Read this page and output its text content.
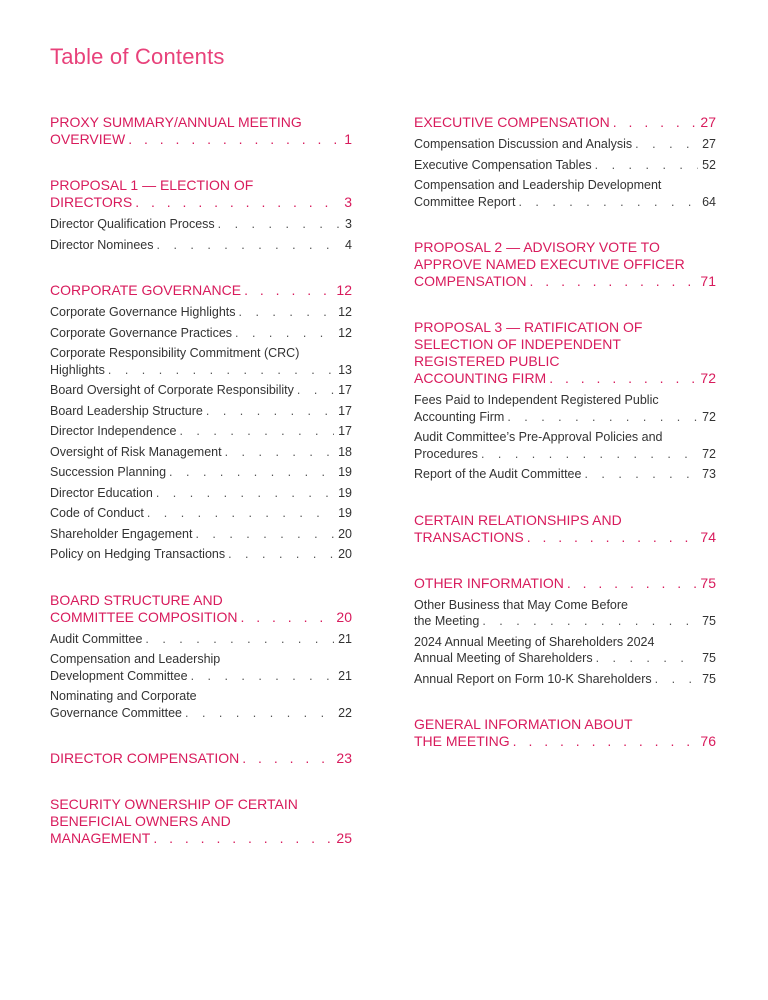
Table of Contents
PROXY SUMMARY/ANNUAL MEETING
OVERVIEW . . .	1
PROPOSAL 1 — ELECTION OF
DIRECTORS . . .	3
Director Qualification Process . . .	3
Director Nominees . . .	4
CORPORATE GOVERNANCE . . .	12
Corporate Governance Highlights . . .	12
Corporate Governance Practices . . .	12
Corporate Responsibility Commitment (CRC)
Highlights . . .	13
Board Oversight of Corporate Responsibility . . .	17
Board Leadership Structure . . .	17
Director Independence . . .	17
Oversight of Risk Management . . .	18
Succession Planning . . .	19
Director Education . . .	19
Code of Conduct . . .	19
Shareholder Engagement . . .	20
Policy on Hedging Transactions . . .	20
BOARD STRUCTURE AND
COMMITTEE COMPOSITION . . .	20
Audit Committee . . .	21
Compensation and Leadership
Development Committee . . .	21
Nominating and Corporate
Governance Committee . . .	22
DIRECTOR COMPENSATION . . .	23
SECURITY OWNERSHIP OF CERTAIN
BENEFICIAL OWNERS AND
MANAGEMENT . . .	25
EXECUTIVE COMPENSATION . . .	27
Compensation Discussion and Analysis . . .	27
Executive Compensation Tables . . .	52
Compensation and Leadership Development
Committee Report . . .	64
PROPOSAL 2 — ADVISORY VOTE TO
APPROVE NAMED EXECUTIVE OFFICER
COMPENSATION . . .	71
PROPOSAL 3 — RATIFICATION OF
SELECTION OF INDEPENDENT
REGISTERED PUBLIC
ACCOUNTING FIRM . . .	72
Fees Paid to Independent Registered Public
Accounting Firm . . .	72
Audit Committee’s Pre-Approval Policies and
Procedures . . .	72
Report of the Audit Committee . . .	73
CERTAIN RELATIONSHIPS AND
TRANSACTIONS . . .	74
OTHER INFORMATION . . .	75
Other Business that May Come Before
the Meeting . . .	75
2024 Annual Meeting of Shareholders 2024
Annual Meeting of Shareholders . . .	75
Annual Report on Form 10-K Shareholders . . .	75
GENERAL INFORMATION ABOUT
THE MEETING . . .	76
